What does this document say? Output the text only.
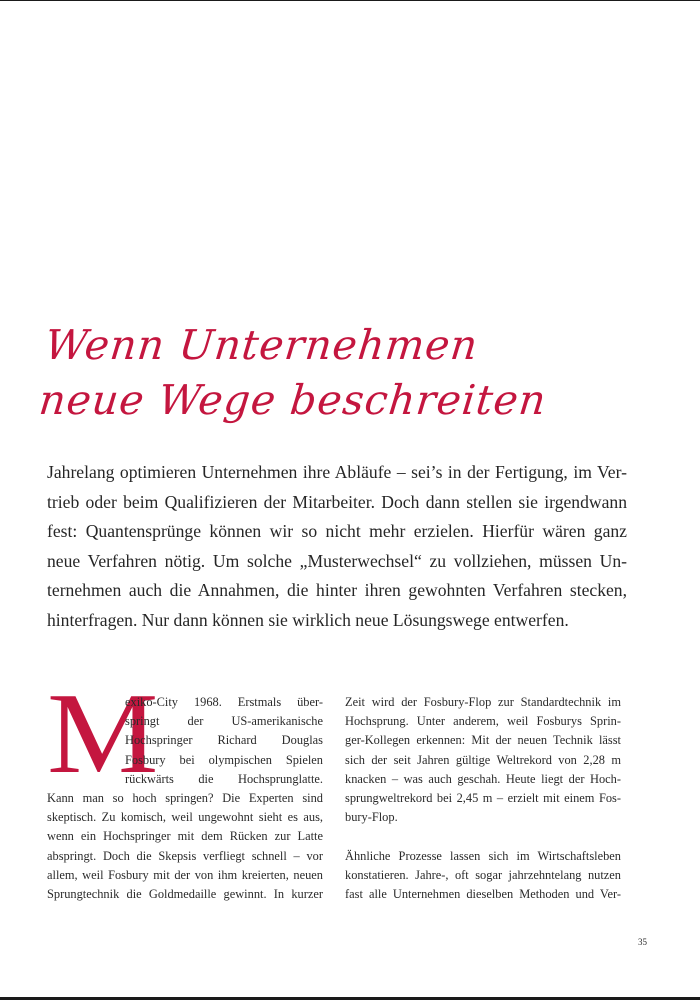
Wenn Unternehmen
neue Wege beschreiten

Jahrelang optimieren Unternehmen ihre Abläufe – sei’s in der Fertigung, im Ver-
trieb oder beim Qualifizieren der Mitarbeiter. Doch dann stellen sie irgendwann
fest: Quantensprünge können wir so nicht mehr erzielen. Hierfür wären ganz
neue Verfahren nötig. Um solche „Musterwechsel“ zu vollziehen, müssen Un-
ternehmen auch die Annahmen, die hinter ihren gewohnten Verfahren stecken,
hinterfragen. Nur dann können sie wirklich neue Lösungswege entwerfen.

M
exiko-City 1968. Erstmals über-
springt der US-amerikanische
Hochspringer Richard Douglas
Fosbury bei olympischen Spielen
rückwärts die Hochsprunglatte.
Kann man so hoch springen? Die Experten sind
skeptisch. Zu komisch, weil ungewohnt sieht es aus,
wenn ein Hochspringer mit dem Rücken zur Latte
abspringt. Doch die Skepsis verfliegt schnell – vor
allem, weil Fosbury mit der von ihm kreierten, neuen
Sprungtechnik die Goldmedaille gewinnt. In kurzer
Zeit wird der Fosbury-Flop zur Standardtechnik im
Hochsprung. Unter anderem, weil Fosburys Sprin-
ger-Kollegen erkennen: Mit der neuen Technik lässt
sich der seit Jahren gültige Weltrekord von 2,28 m
knacken – was auch geschah. Heute liegt der Hoch-
sprungweltrekord bei 2,45 m – erzielt mit einem Fos-
bury-Flop.
Ähnliche Prozesse lassen sich im Wirtschaftsleben
konstatieren. Jahre-, oft sogar jahrzehntelang nutzen
fast alle Unternehmen dieselben Methoden und Ver-
35
